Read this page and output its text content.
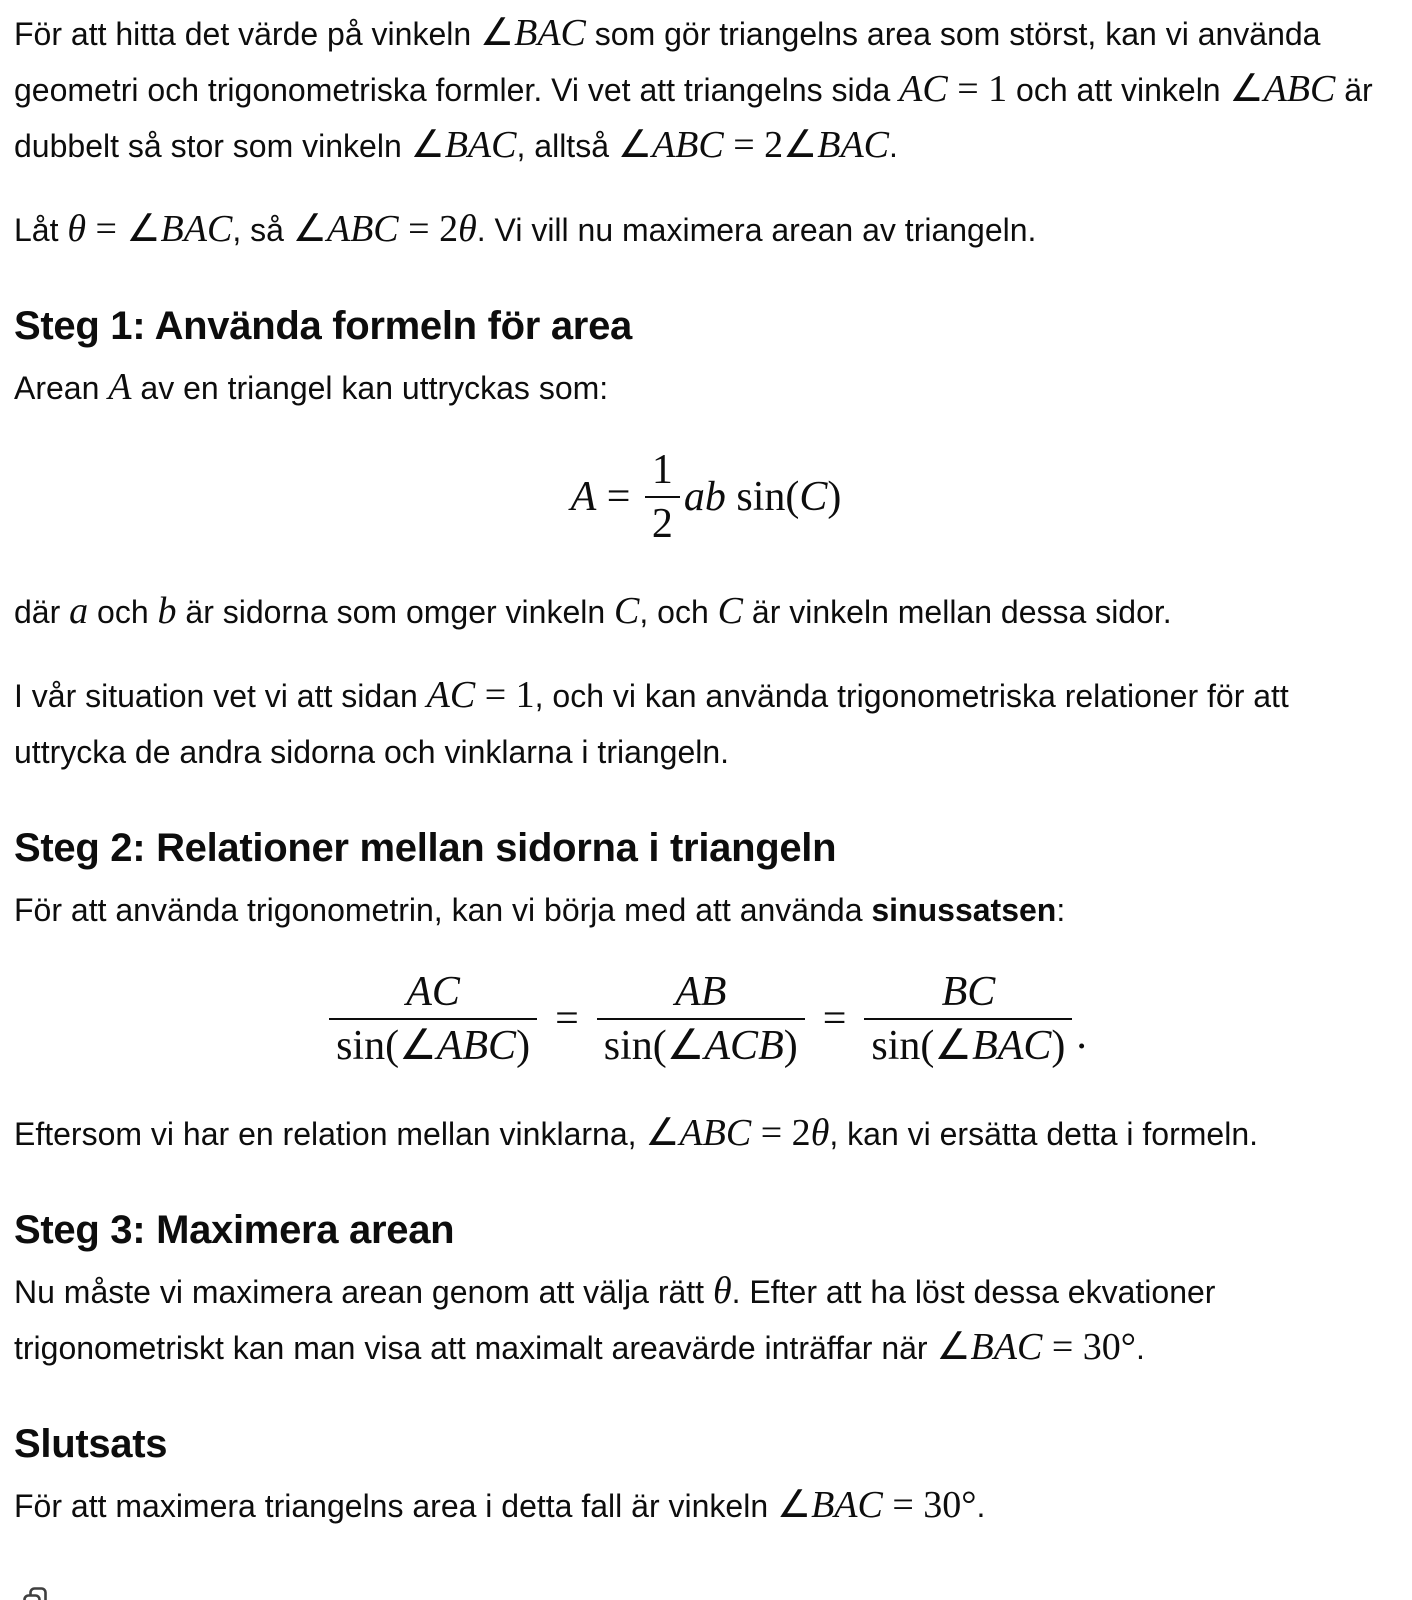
För att hitta det värde på vinkeln ∠BAC som gör triangelns area som störst, kan vi använda geometri och trigonometriska formler. Vi vet att triangelns sida AC = 1 och att vinkeln ∠ABC är dubbelt så stor som vinkeln ∠BAC, alltså ∠ABC = 2∠BAC.

Låt θ = ∠BAC, så ∠ABC = 2θ. Vi vill nu maximera arean av triangeln.

Steg 1: Använda formeln för area

Arean A av en triangel kan uttryckas som:

$A = \frac{1}{2}$ ab sin(C)

där a och b är sidorna som omger vinkeln C, och C är vinkeln mellan dessa sidor.

I vår situation vet vi att sidan AC = 1, och vi kan använda trigonometriska relationer för att uttrycka de andra sidorna och vinklarna i triangeln.

Steg 2: Relationer mellan sidorna i triangeln

För att använda trigonometrin, kan vi börja med att använda sinussatsen:

$\frac{AC}{\text{sin(∠ABC)}} = \frac{AB}{\text{sin(∠ACB)}} = \frac{BC}{\text{sin(∠BAC)}}$ .

Eftersom vi har en relation mellan vinklarna, ∠ABC = 2θ, kan vi ersätta detta i formeln.

Steg 3: Maximera arean

Nu måste vi maximera arean genom att välja rätt θ. Efter att ha löst dessa ekvationer trigonometriskt kan man visa att maximalt areavärde inträffar när ∠BAC = 30°.

Slutsats

För att maximera triangelns area i detta fall är vinkeln ∠BAC = 30°.
